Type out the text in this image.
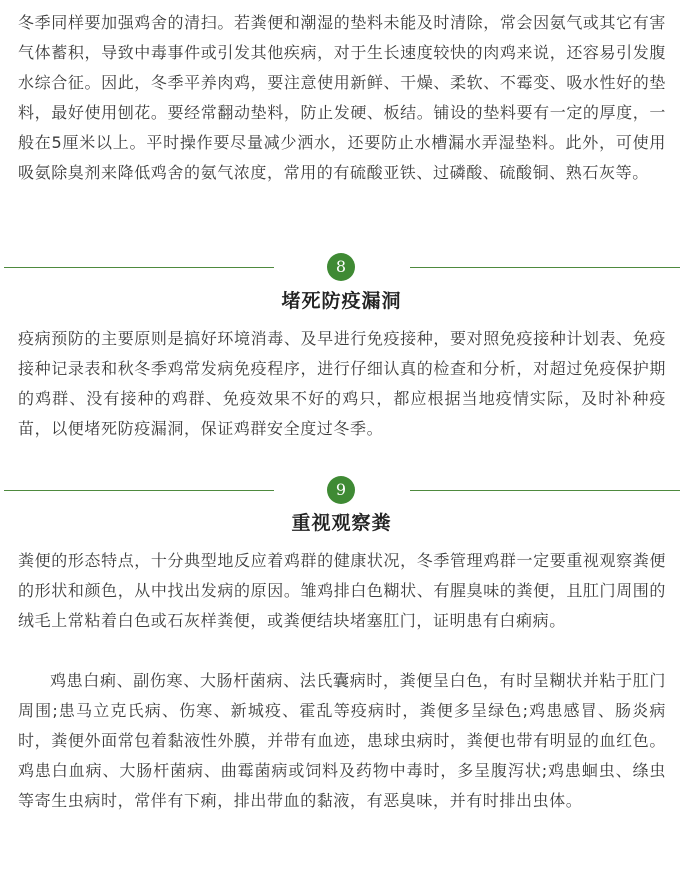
冬季同样要加强鸡舍的清扫。若粪便和潮湿的垫料未能及时清除，常会因氨气或其它有害气体蓄积，导致中毒事件或引发其他疾病，对于生长速度较快的肉鸡来说，还容易引发腹水综合征。因此，冬季平养肉鸡，要注意使用新鲜、干燥、柔软、不霉变、吸水性好的垫料，最好使用刨花。要经常翻动垫料，防止发硬、板结。铺设的垫料要有一定的厚度，一般在5厘米以上。平时操作要尽量减少洒水，还要防止水槽漏水弄湿垫料。此外，可使用吸氨除臭剂来降低鸡舍的氨气浓度，常用的有硫酸亚铁、过磷酸、硫酸铜、熟石灰等。

8
堵死防疫漏洞

疫病预防的主要原则是搞好环境消毒、及早进行免疫接种，要对照免疫接种计划表、免疫接种记录表和秋冬季鸡常发病免疫程序，进行仔细认真的检查和分析，对超过免疫保护期的鸡群、没有接种的鸡群、免疫效果不好的鸡只，都应根据当地疫情实际，及时补种疫苗，以便堵死防疫漏洞，保证鸡群安全度过冬季。

9
重视观察粪

粪便的形态特点，十分典型地反应着鸡群的健康状况，冬季管理鸡群一定要重视观察粪便的形状和颜色，从中找出发病的原因。雏鸡排白色糊状、有腥臭味的粪便，且肛门周围的绒毛上常粘着白色或石灰样粪便，或粪便结块堵塞肛门，证明患有白痢病。

鸡患白痢、副伤寒、大肠杆菌病、法氏囊病时，粪便呈白色，有时呈糊状并粘于肛门周围;患马立克氏病、伤寒、新城疫、霍乱等疫病时，粪便多呈绿色;鸡患感冒、肠炎病时，粪便外面常包着黏液性外膜，并带有血迹，患球虫病时，粪便也带有明显的血红色。鸡患白血病、大肠杆菌病、曲霉菌病或饲料及药物中毒时，多呈腹泻状;鸡患蛔虫、绦虫等寄生虫病时，常伴有下痢，排出带血的黏液，有恶臭味，并有时排出虫体。
